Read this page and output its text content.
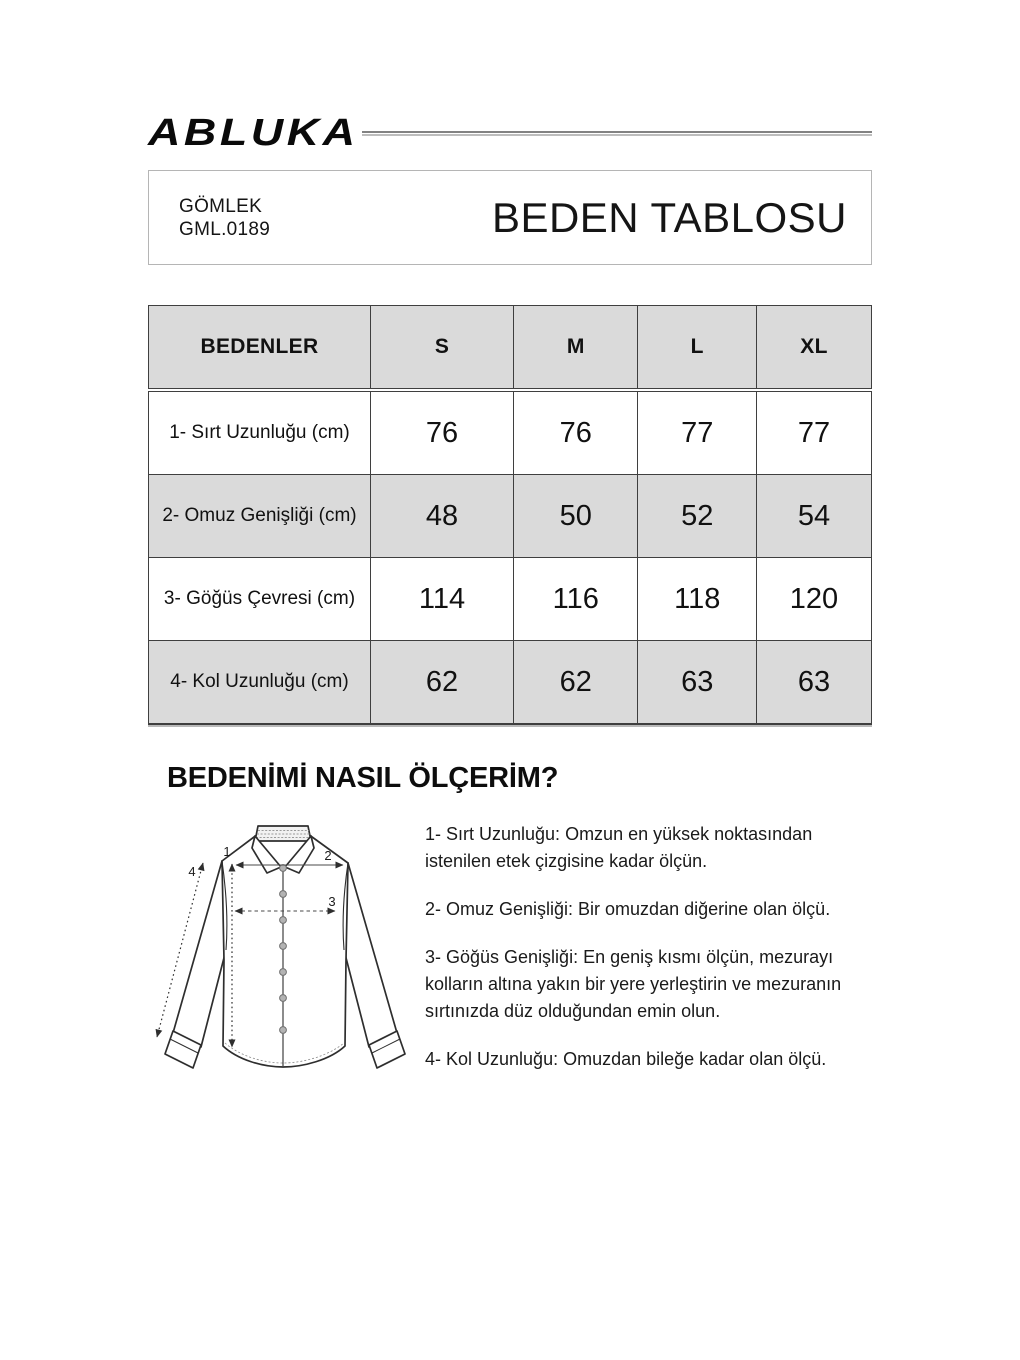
ABLUKA
GÖMLEK
GML.0189	BEDEN TABLOSU
BEDENLER	S	M	L	XL
1- Sırt Uzunluğu (cm)	76	76	77	77
2- Omuz Genişliği (cm)	48	50	52	54
3- Göğüs Çevresi (cm)	114	116	118	120
4- Kol Uzunluğu (cm)	62	62	63	63
BEDENİMİ NASIL ÖLÇERİM?
1	2
3
4

1- Sırt Uzunluğu: Omzun en yüksek noktasından
istenilen etek çizgisine kadar ölçün.

2- Omuz Genişliği: Bir omuzdan diğerine olan ölçü.

3- Göğüs Genişliği: En geniş kısmı ölçün, mezurayı
kolların altına yakın bir yere yerleştirin ve mezuranın
sırtınızda düz olduğundan emin olun.

4- Kol Uzunluğu: Omuzdan bileğe kadar olan ölçü.
